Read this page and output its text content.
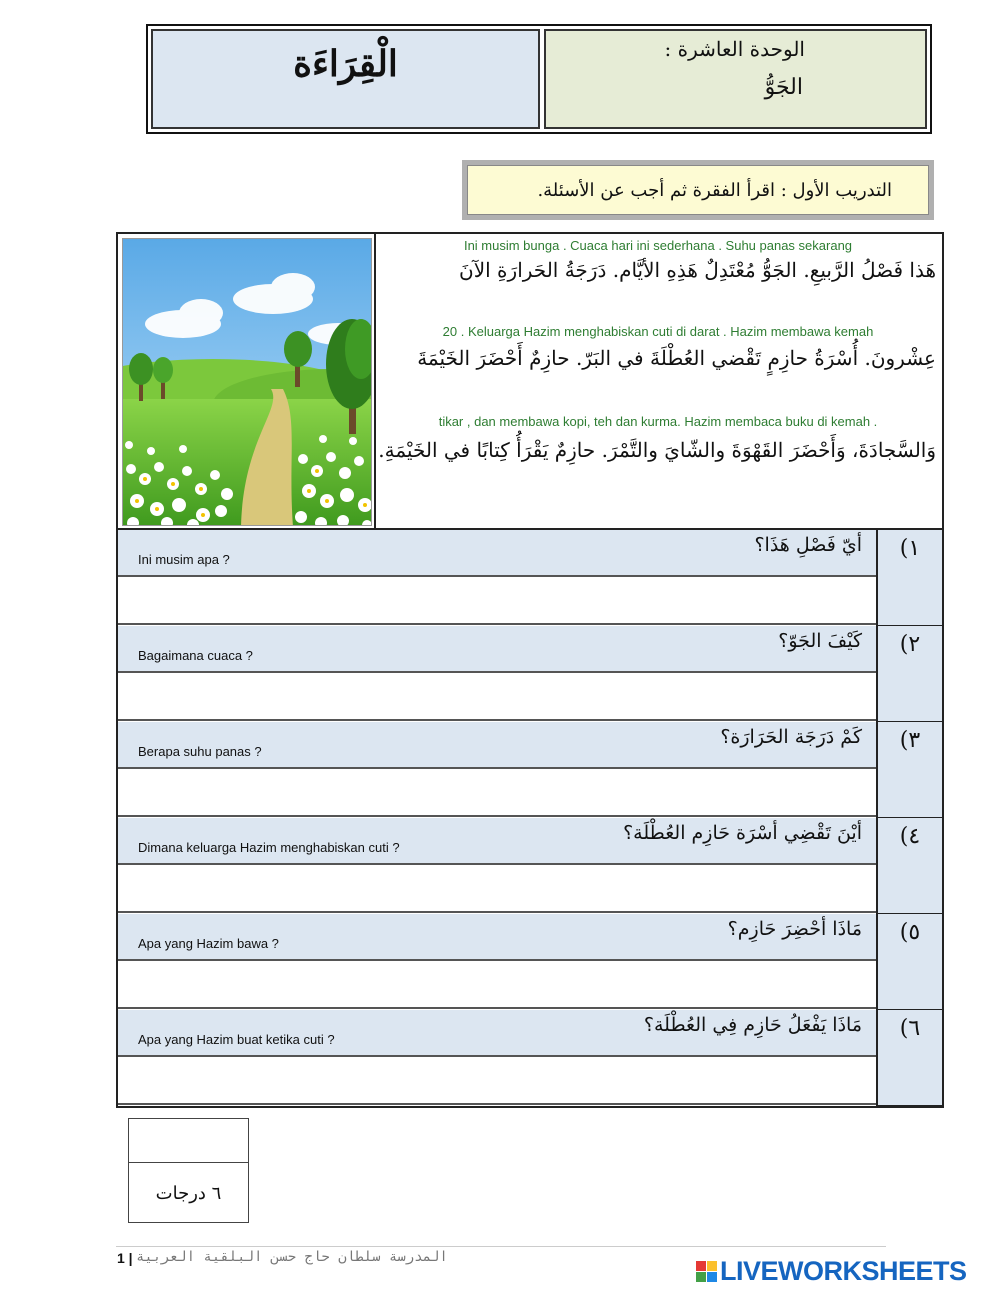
الْقِرَاءَة	الوحدة العاشرة :
الجَوُّ
التدريب الأول : اقرأ الفقرة ثم أجب عن الأسئلة.
Ini musim bunga . Cuaca hari ini sederhana . Suhu panas sekarang
هَذا فَصْلُ الرَّبيعِ. الجَوُّ مُعْتَدِلٌ هَذِهِ الأيَّام. دَرَجَةُ الحَرارَةِ الآنَ
20 . Keluarga Hazim menghabiskan cuti di darat . Hazim membawa kemah
عِشْرونَ. أُسْرَةُ حازِمٍ تَقْضي العُطْلَةَ في البَرّ. حازِمٌ أَحْضَرَ الخَيْمَةَ
tikar , dan membawa kopi, teh dan kurma. Hazim membaca buku di kemah .
وَالسَّجادَةَ، وَأَحْضَرَ القَهْوَةَ والشّايَ والتَّمْرَ. حازِمٌ يَقْرَأُ كِتابًا في الخَيْمَةِ.
١)
أيّ فَصْلِ هَذَا؟
Ini musim apa ?
٢)
كَيْفَ الجَوّ؟
Bagaimana cuaca ?
٣)
كَمْ دَرَجَة الحَرَارَة؟
Berapa suhu panas ?
٤)
أيْنَ تَقْضِي أسْرَة حَازِم العُطْلَة؟
Dimana keluarga Hazim menghabiskan cuti ?
٥)
مَاذَا أحْضِرَ حَازِم؟
Apa yang Hazim bawa ?
٦)
مَاذَا يَفْعَلُ حَازِم فِي العُطْلَة؟
Apa yang Hazim buat ketika cuti ?
٦ درجات
1 | المدرسة سلطان حاج حسن البلقية العربية	LIVEWORKSHEETS
